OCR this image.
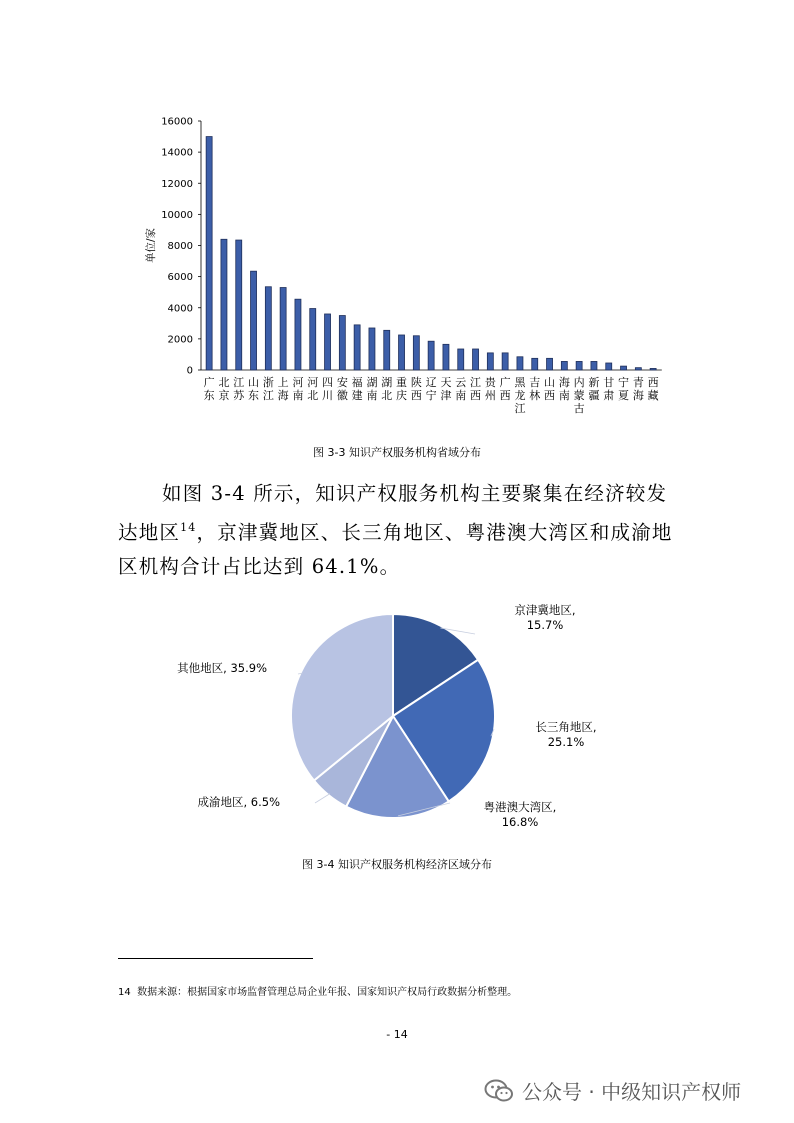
0
2000
4000
6000
8000
10000
12000
14000
16000
单位/家
广东
北京
江苏
山东
浙江
上海
河南
河北
四川
安徽
福建
湖南
湖北
重庆
陕西
辽宁
天津
云南
江西
贵州
广西
黑龙江
吉林
山西
海南
内蒙古
新疆
甘肃
宁夏
青海
西藏
图 3-3 知识产权服务机构省域分布
如图 3-4 所示，知识产权服务机构主要聚集在经济较发达地区$^{14}$，京津冀地区、长三角地区、粤港澳大湾区和成渝地区机构合计占比达到 64.1%。
京津冀地区, 15.7%
长三角地区, 25.1%
粤港澳大湾区, 16.8%
成渝地区, 6.5%
其他地区, 35.9%
图 3-4 知识产权服务机构经济区域分布
14 数据来源：根据国家市场监督管理总局企业年报、国家知识产权局行政数据分析整理。
- 14
公众号 · 中级知识产权师
